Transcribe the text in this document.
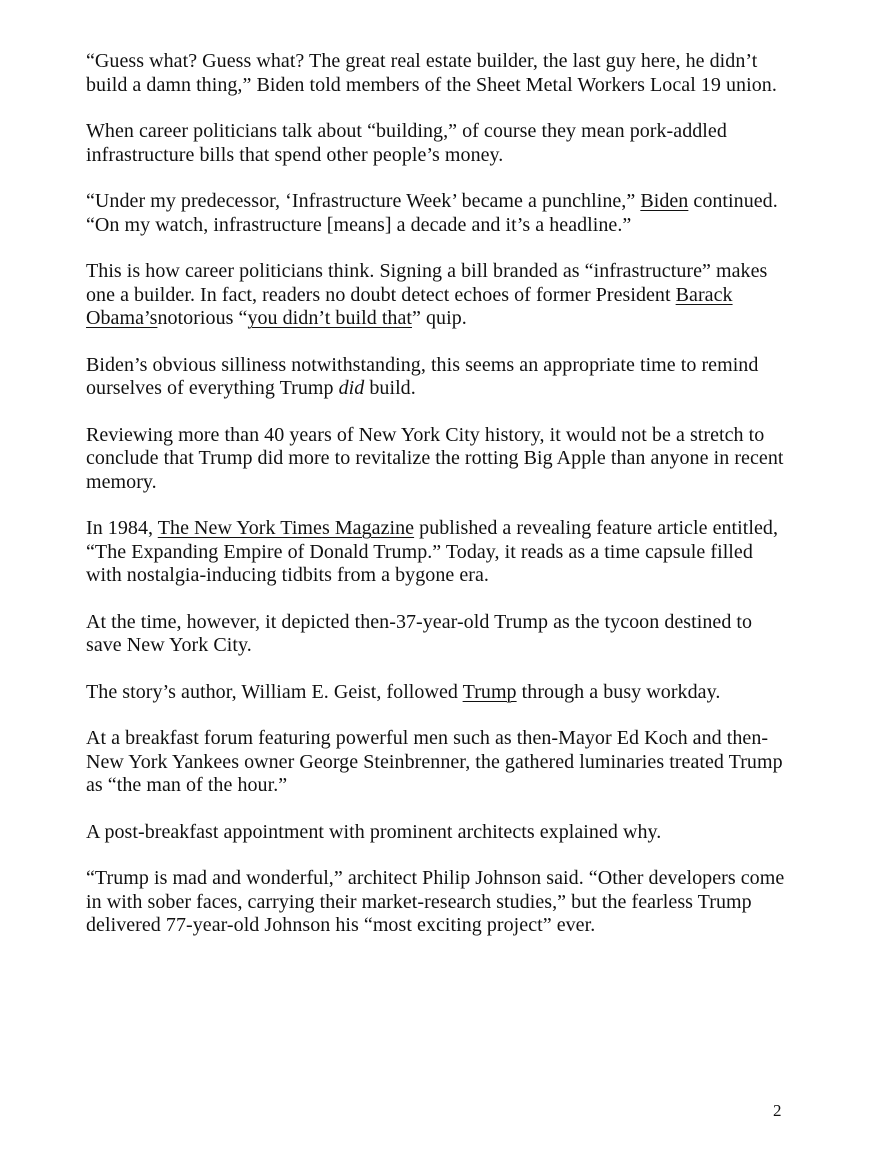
“Guess what? Guess what? The great real estate builder, the last guy here, he didn’t build a damn thing,” Biden told members of the Sheet Metal Workers Local 19 union.

When career politicians talk about “building,” of course they mean pork-addled infrastructure bills that spend other people’s money.

“Under my predecessor, ‘Infrastructure Week’ became a punchline,” Biden continued. “On my watch, infrastructure [means] a decade and it’s a headline.”

This is how career politicians think. Signing a bill branded as “infrastructure” makes one a builder. In fact, readers no doubt detect echoes of former President Barack Obama’snotorious “you didn’t build that” quip.

Biden’s obvious silliness notwithstanding, this seems an appropriate time to remind ourselves of everything Trump did build.

Reviewing more than 40 years of New York City history, it would not be a stretch to conclude that Trump did more to revitalize the rotting Big Apple than anyone in recent memory.

In 1984, The New York Times Magazine published a revealing feature article entitled, “The Expanding Empire of Donald Trump.” Today, it reads as a time capsule filled with nostalgia-inducing tidbits from a bygone era.

At the time, however, it depicted then-37-year-old Trump as the tycoon destined to save New York City.

The story’s author, William E. Geist, followed Trump through a busy workday.

At a breakfast forum featuring powerful men such as then-Mayor Ed Koch and then-New York Yankees owner George Steinbrenner, the gathered luminaries treated Trump as “the man of the hour.”

A post-breakfast appointment with prominent architects explained why.

“Trump is mad and wonderful,” architect Philip Johnson said. “Other developers come in with sober faces, carrying their market-research studies,” but the fearless Trump delivered 77-year-old Johnson his “most exciting project” ever.

2
